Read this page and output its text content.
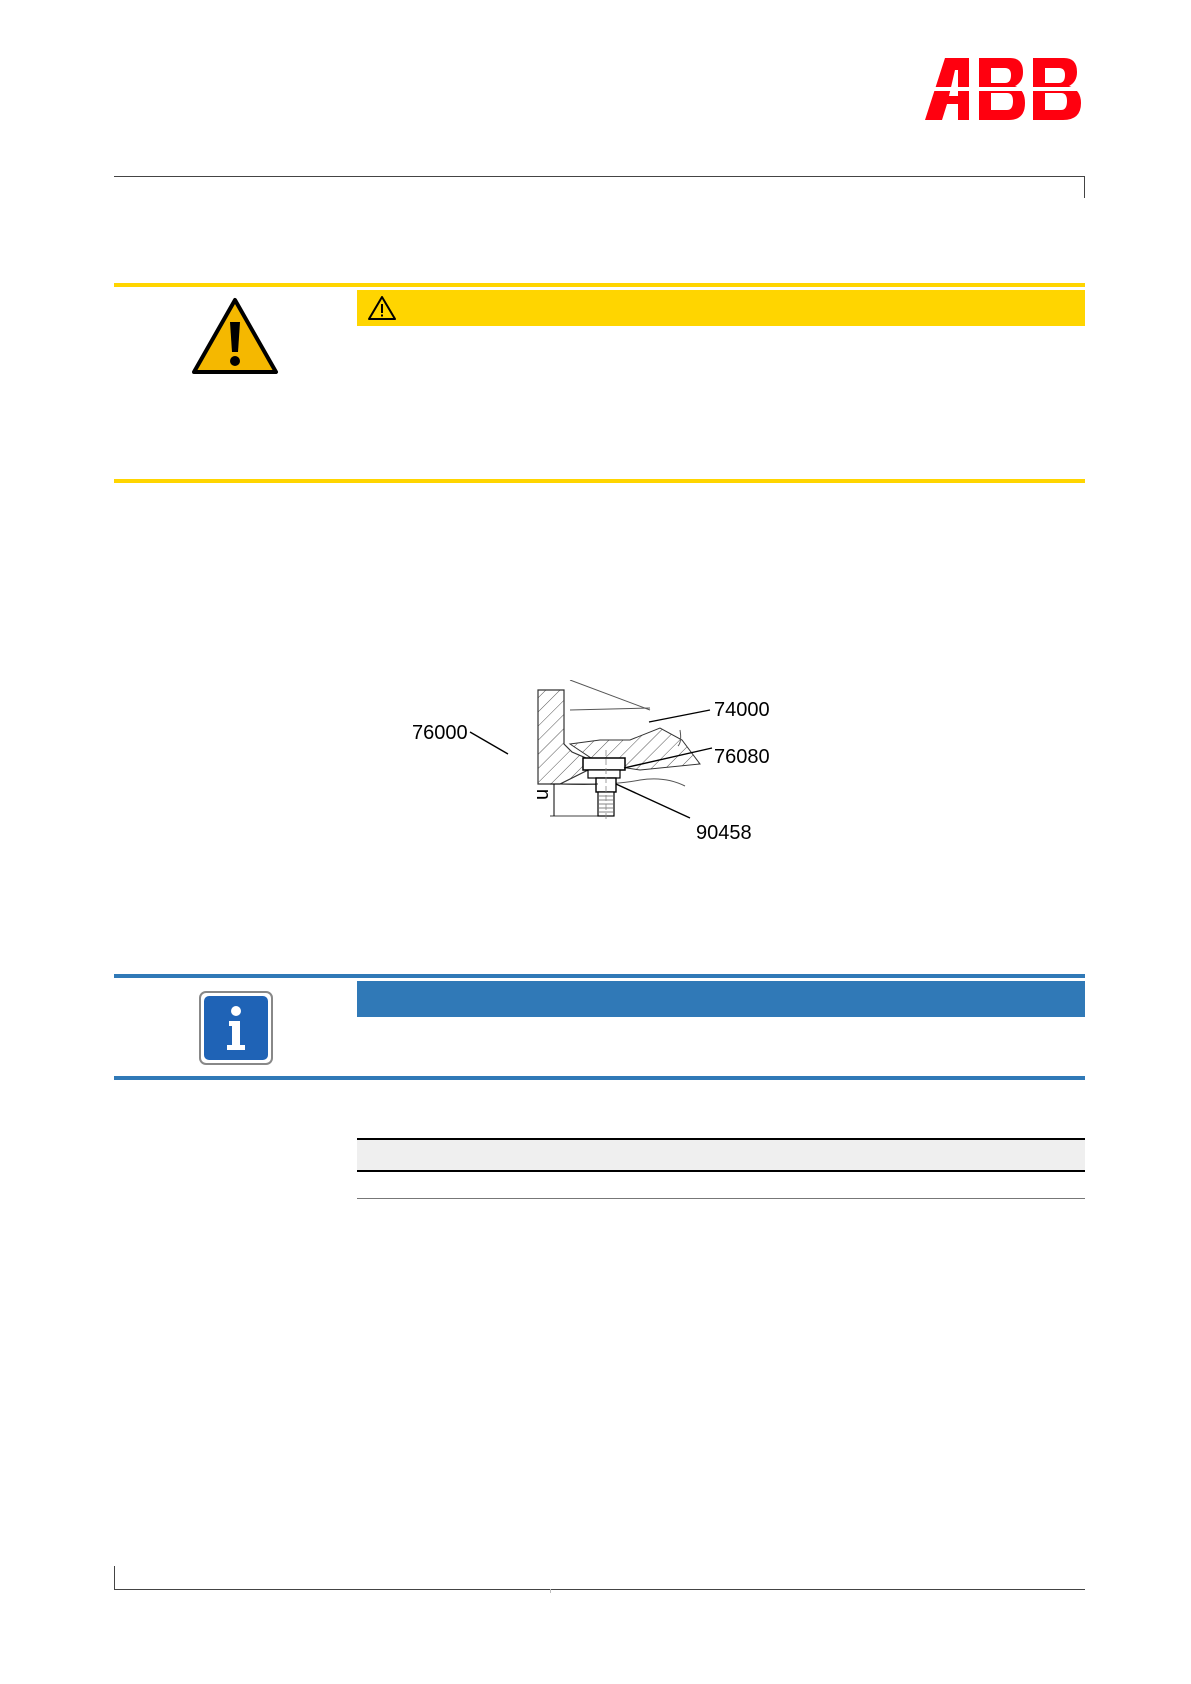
u
74000
76000
76080
90458
